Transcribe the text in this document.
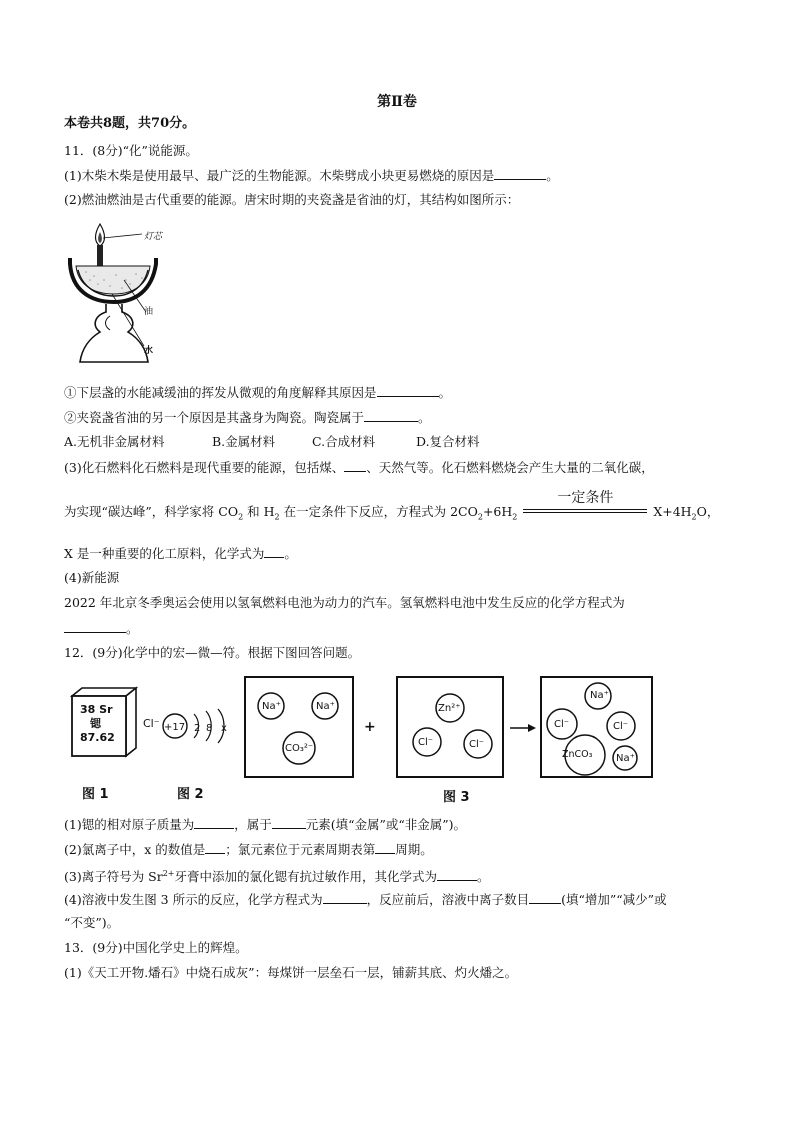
第Ⅱ卷
本卷共8题，共70分。
11．(8分)“化”说能源。
(1)木柴木柴是使用最早、最广泛的生物能源。木柴劈成小块更易燃烧的原因是	。
(2)燃油燃油是古代重要的能源。唐宋时期的夹瓷盏是省油的灯，其结构如图所示：
灯芯
油
水
①下层盏的水能减缓油的挥发从微观的角度解释其原因是	。
②夹瓷盏省油的另一个原因是其盏身为陶瓷。陶瓷属于	。
A.无机非金属材料	B.金属材料	C.合成材料	D.复合材料
(3)化石燃料化石燃料是现代重要的能源，包括煤、 、天然气等。化石燃料燃烧会产生大量的二氧化碳，
为实现“碳达峰”，科学家将 $CO_2$ 和 $H_2$ 在一定条件下反应，方程式为 $2CO_2+6H_2$
一定条件
$X+4H_2O$，
X 是一种重要的化工原料，化学式为 。
(4)新能源
2022 年北京冬季奥运会使用以氢氧燃料电池为动力的汽车。氢氧燃料电池中发生反应的化学方程式为
。
12．(9分)化学中的宏—微—符。根据下图回答问题。
38 Sr
锶
87.62
Cl⁻ +17 2 8 x
Na⁺	Na⁺
CO₃²⁻
+
Zn²⁺
Cl⁻	Cl⁻
Na⁺
Cl⁻	Cl⁻
ZnCO₃ Na⁺
图 1	图 2	图 3
(1)锶的相对原子质量为	，属于	元素(填“金属”或“非金属”)。
(2)氯离子中，x 的数值是 ；氯元素位于元素周期表第 周期。
(3)离子符号为 $Sr^{2+}$牙膏中添加的氯化锶有抗过敏作用，其化学式为	。
(4)溶液中发生图 3 所示的反应，化学方程式为	，反应前后，溶液中离子数目	(填“增加”“减少”或
“不变”)。
13．(9分)中国化学史上的辉煌。
(1)《天工开物.燔石》中烧石成灰”：每煤饼一层垒石一层，铺薪其底、灼火燔之。
